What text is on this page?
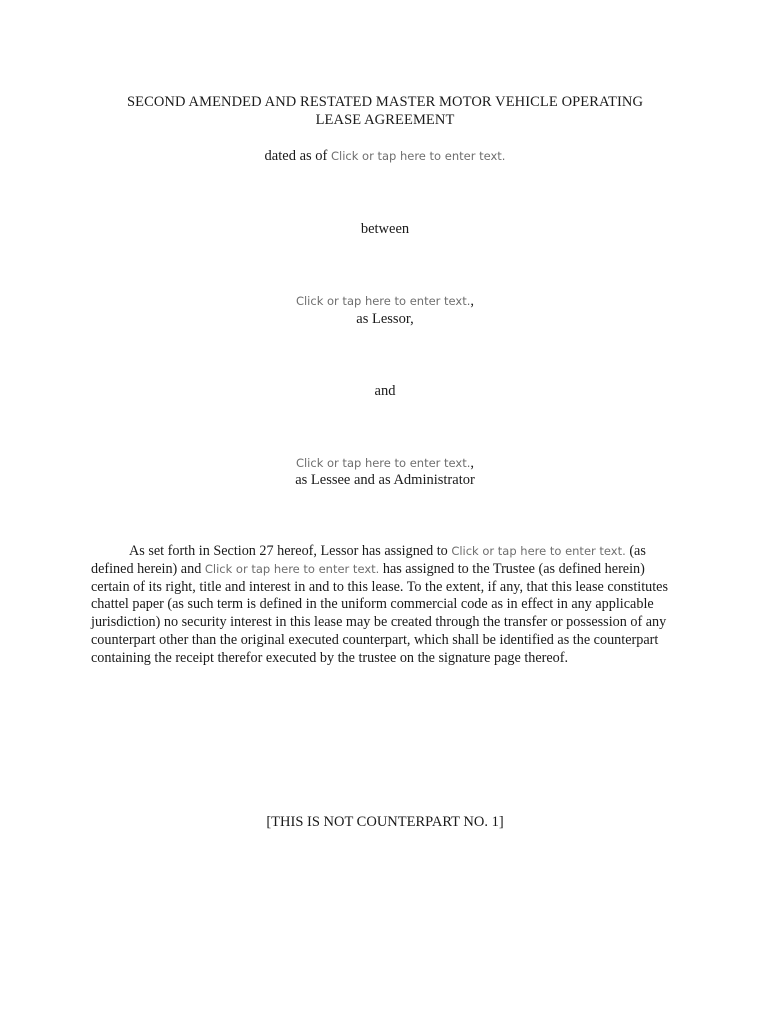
SECOND AMENDED AND RESTATED MASTER MOTOR VEHICLE OPERATING
LEASE AGREEMENT
dated as of Click or tap here to enter text.
between
Click or tap here to enter text.,
as Lessor,
and
Click or tap here to enter text.,
as Lessee and as Administrator
As set forth in Section 27 hereof, Lessor has assigned to Click or tap here to enter text. (as defined herein) and Click or tap here to enter text. has assigned to the Trustee (as defined herein) certain of its right, title and interest in and to this lease. To the extent, if any, that this lease constitutes chattel paper (as such term is defined in the uniform commercial code as in effect in any applicable jurisdiction) no security interest in this lease may be created through the transfer or possession of any counterpart other than the original executed counterpart, which shall be identified as the counterpart containing the receipt therefor executed by the trustee on the signature page thereof.
[THIS IS NOT COUNTERPART NO. 1]
